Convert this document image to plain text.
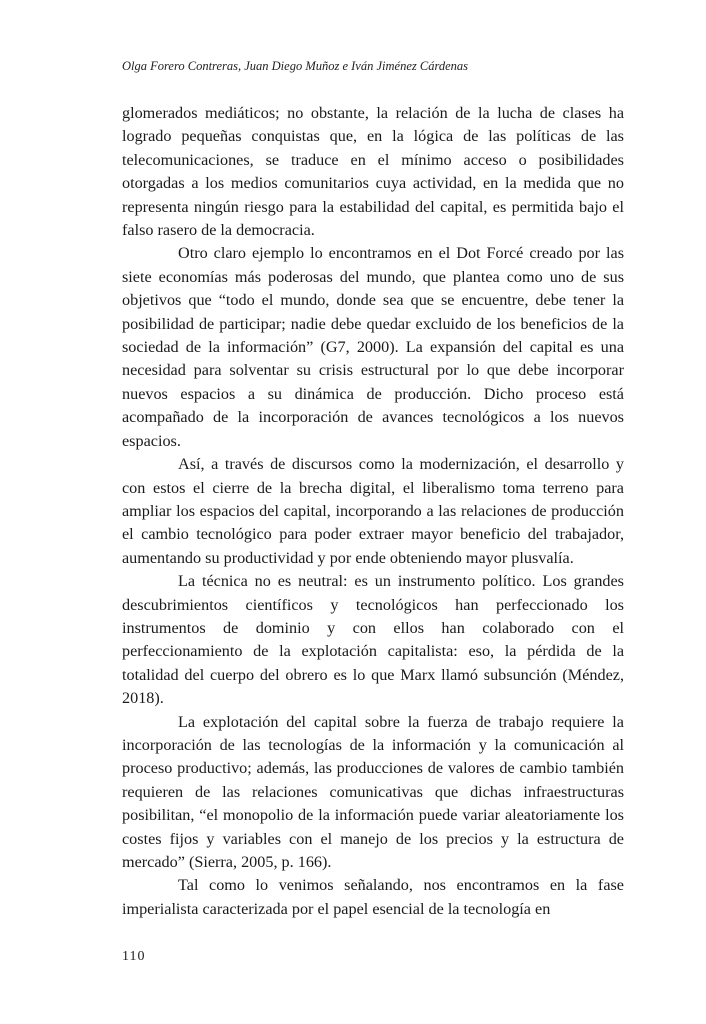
Olga Forero Contreras, Juan Diego Muñoz e Iván Jiménez Cárdenas

glomerados mediáticos; no obstante, la relación de la lucha de clases ha logrado pequeñas conquistas que, en la lógica de las políticas de las telecomunicaciones, se traduce en el mínimo acceso o posibilidades otorgadas a los medios comunitarios cuya actividad, en la medida que no representa ningún riesgo para la estabilidad del capital, es permitida bajo el falso rasero de la democracia.

Otro claro ejemplo lo encontramos en el Dot Forcé creado por las siete economías más poderosas del mundo, que plantea como uno de sus objetivos que “todo el mundo, donde sea que se encuentre, debe tener la posibilidad de participar; nadie debe quedar excluido de los beneficios de la sociedad de la información” (G7, 2000). La expansión del capital es una necesidad para solventar su crisis estructural por lo que debe incorporar nuevos espacios a su dinámica de producción. Dicho proceso está acompañado de la incorporación de avances tecnológicos a los nuevos espacios.

Así, a través de discursos como la modernización, el desarrollo y con estos el cierre de la brecha digital, el liberalismo toma terreno para ampliar los espacios del capital, incorporando a las relaciones de producción el cambio tecnológico para poder extraer mayor beneficio del trabajador, aumentando su productividad y por ende obteniendo mayor plusvalía.

La técnica no es neutral: es un instrumento político. Los grandes descubrimientos científicos y tecnológicos han perfeccionado los instrumentos de dominio y con ellos han colaborado con el perfeccionamiento de la explotación capitalista: eso, la pérdida de la totalidad del cuerpo del obrero es lo que Marx llamó subsunción (Méndez, 2018).

La explotación del capital sobre la fuerza de trabajo requiere la incorporación de las tecnologías de la información y la comunicación al proceso productivo; además, las producciones de valores de cambio también requieren de las relaciones comunicativas que dichas infraestructuras posibilitan, “el monopolio de la información puede variar aleatoriamente los costes fijos y variables con el manejo de los precios y la estructura de mercado” (Sierra, 2005, p. 166).

Tal como lo venimos señalando, nos encontramos en la fase imperialista caracterizada por el papel esencial de la tecnología en

110
